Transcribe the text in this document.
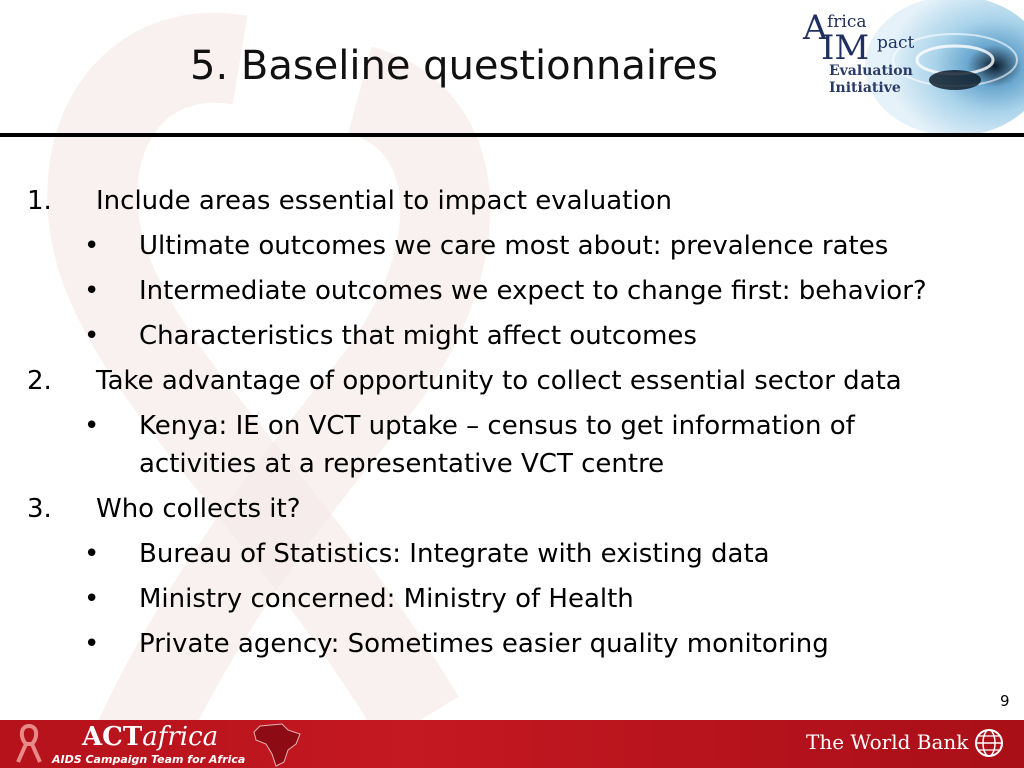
5. Baseline questionnaires
A frica
IM pact
Evaluation
Initiative
1. Include areas essential to impact evaluation
• Ultimate outcomes we care most about: prevalence rates
• Intermediate outcomes we expect to change first: behavior?
• Characteristics that might affect outcomes
2. Take advantage of opportunity to collect essential sector data
• Kenya: IE on VCT uptake – census to get information of
activities at a representative VCT centre
3. Who collects it?
• Bureau of Statistics: Integrate with existing data
• Ministry concerned: Ministry of Health
• Private agency: Sometimes easier quality monitoring
9
ACTafrica
AIDS Campaign Team for Africa
The World Bank
